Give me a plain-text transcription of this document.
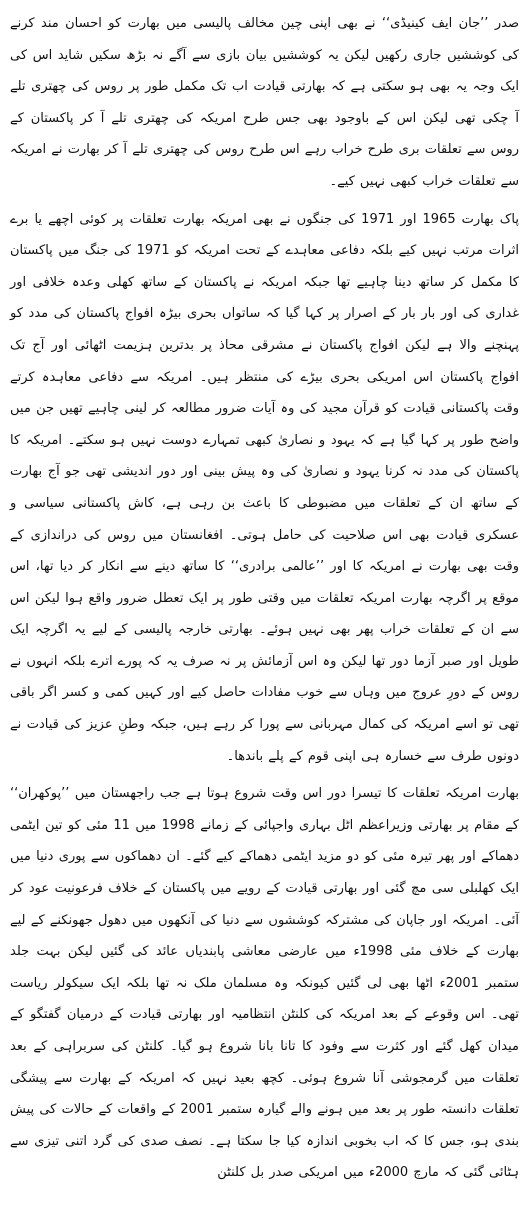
صدر ’’جان ایف کینیڈی‘‘ نے بھی اپنی چین مخالف پالیسی میں بھارت کو احسان مند کرنے کی کوششیں جاری رکھیں لیکن یہ کوششیں بیان بازی سے آگے نہ بڑھ سکیں شاید اس کی ایک وجہ یہ بھی ہو سکتی ہے کہ بھارتی قیادت اب تک مکمل طور پر روس کی چھتری تلے آ چکی تھی لیکن اس کے باوجود بھی جس طرح امریکہ کی چھتری تلے آ کر پاکستان کے روس سے تعلقات بری طرح خراب رہے اس طرح روس کی چھتری تلے آ کر بھارت نے امریکہ سے تعلقات خراب کبھی نہیں کیے۔

پاک بھارت 1965 اور 1971 کی جنگوں نے بھی امریکہ بھارت تعلقات پر کوئی اچھے یا برے اثرات مرتب نہیں کیے بلکہ دفاعی معاہدے کے تحت امریکہ کو 1971 کی جنگ میں پاکستان کا مکمل کر ساتھ دینا چاہیے تھا جبکہ امریکہ نے پاکستان کے ساتھ کھلی وعدہ خلافی اور غداری کی اور بار بار کے اصرار پر کہا گیا کہ ساتواں بحری بیڑہ افواج پاکستان کی مدد کو پہنچنے والا ہے لیکن افواج پاکستان نے مشرقی محاذ پر بدترین ہزیمت اٹھائی اور آج تک افواج پاکستان اس امریکی بحری بیڑے کی منتظر ہیں۔ امریکہ سے دفاعی معاہدہ کرتے وقت پاکستانی قیادت کو قرآن مجید کی وہ آیات ضرور مطالعہ کر لینی چاہیے تھیں جن میں واضح طور پر کہا گیا ہے کہ یہود و نصاریٰ کبھی تمہارے دوست نہیں ہو سکتے۔ امریکہ کا پاکستان کی مدد نہ کرنا یہود و نصاریٰ کی وہ پیش بینی اور دور اندیشی تھی جو آج بھارت کے ساتھ ان کے تعلقات میں مضبوطی کا باعث بن رہی ہے، کاش پاکستانی سیاسی و عسکری قیادت بھی اس صلاحیت کی حامل ہوتی۔ افغانستان میں روس کی دراندازی کے وقت بھی بھارت نے امریکہ کا اور ’’عالمی برادری‘‘ کا ساتھ دینے سے انکار کر دیا تھا، اس موقع پر اگرچہ بھارت امریکہ تعلقات میں وقتی طور پر ایک تعطل ضرور واقع ہوا لیکن اس سے ان کے تعلقات خراب پھر بھی نہیں ہوئے۔ بھارتی خارجہ پالیسی کے لیے یہ اگرچہ ایک طویل اور صبر آزما دور تھا لیکن وہ اس آزمائش پر نہ صرف یہ کہ پورے اترے بلکہ انہوں نے روس کے دورِ عروج میں وہاں سے خوب مفادات حاصل کیے اور کہیں کمی و کسر اگر باقی تھی تو اسے امریکہ کی کمال مہربانی سے پورا کر رہے ہیں، جبکہ وطنِ عزیز کی قیادت نے دونوں طرف سے خسارہ ہی اپنی قوم کے پلے باندھا۔

بھارت امریکہ تعلقات کا تیسرا دور اس وقت شروع ہوتا ہے جب راجھستان میں ’’پوکھران‘‘ کے مقام پر بھارتی وزیراعظم اٹل بہاری واجپائی کے زمانے 1998 میں 11 مئی کو تین ایٹمی دھماکے اور پھر تیرہ مئی کو دو مزید ایٹمی دھماکے کیے گئے۔ ان دھماکوں سے پوری دنیا میں ایک کھلبلی سی مچ گئی اور بھارتی قیادت کے رویے میں پاکستان کے خلاف فرعونیت عود کر آئی۔ امریکہ اور جاپان کی مشترکہ کوششوں سے دنیا کی آنکھوں میں دھول جھونکنے کے لیے بھارت کے خلاف مئی 1998ء میں عارضی معاشی پابندیاں عائد کی گئیں لیکن بہت جلد ستمبر 2001ء اٹھا بھی لی گئیں کیونکہ وہ مسلمان ملک نہ تھا بلکہ ایک سیکولر ریاست تھی۔ اس وقوعے کے بعد امریکہ کی کلنٹن انتظامیہ اور بھارتی قیادت کے درمیان گفتگو کے میدان کھل گئے اور کثرت سے وفود کا تانا بانا شروع ہو گیا۔ کلنٹن کی سربراہی کے بعد تعلقات میں گرمجوشی آنا شروع ہوئی۔ کچھ بعید نہیں کہ امریکہ کے بھارت سے پیشگی تعلقات دانستہ طور پر بعد میں ہونے والے گیارہ ستمبر 2001 کے واقعات کے حالات کی پیش بندی ہو، جس کا کہ اب بخوبی اندازہ کیا جا سکتا ہے۔ نصف صدی کی گرد اتنی تیزی سے ہٹائی گئی کہ مارچ 2000ء میں امریکی صدر بل کلنٹن
